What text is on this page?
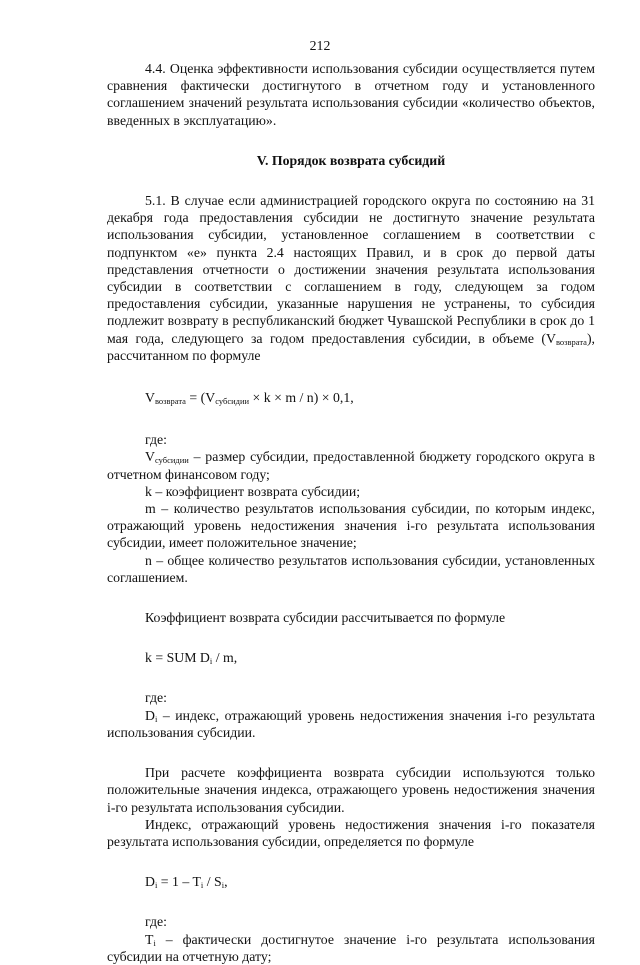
212

4.4. Оценка эффективности использования субсидии осуществляется путем сравнения фактически достигнутого в отчетном году и установленного соглашением значений результата использования субсидии «количество объектов, введенных в эксплуатацию».

V. Порядок возврата субсидий

5.1. В случае если администрацией городского округа по состоянию на 31 декабря года предоставления субсидии не достигнуто значение результата использования субсидии, установленное соглашением в соответствии с подпунктом «е» пункта 2.4 настоящих Правил, и в срок до первой даты представления отчетности о достижении значения результата использования субсидии в соответствии с соглашением в году, следующем за годом предоставления субсидии, указанные нарушения не устранены, то субсидия подлежит возврату в республиканский бюджет Чувашской Республики в срок до 1 мая года, следующего за годом предоставления субсидии, в объеме $(V_{возврата})$, рассчитанном по формуле

$V_{возврата} = (V_{субсидии} \times k \times m / n) \times 0,1$,

где:

$V_{субсидии}$ – размер субсидии, предоставленной бюджету городского округа в отчетном финансовом году;

k – коэффициент возврата субсидии;

m – количество результатов использования субсидии, по которым индекс, отражающий уровень недостижения значения i-го результата использования субсидии, имеет положительное значение;

n – общее количество результатов использования субсидии, установленных соглашением.

Коэффициент возврата субсидии рассчитывается по формуле

k = SUM $D_i$ / m,

где:

$D_i$ – индекс, отражающий уровень недостижения значения i-го результата использования субсидии.

При расчете коэффициента возврата субсидии используются только положительные значения индекса, отражающего уровень недостижения значения i-го результата использования субсидии.

Индекс, отражающий уровень недостижения значения i-го показателя результата использования субсидии, определяется по формуле

$D_i = 1 - T_i / S_i$,

где:

$T_i$ – фактически достигнутое значение i-го результата использования субсидии на отчетную дату;
